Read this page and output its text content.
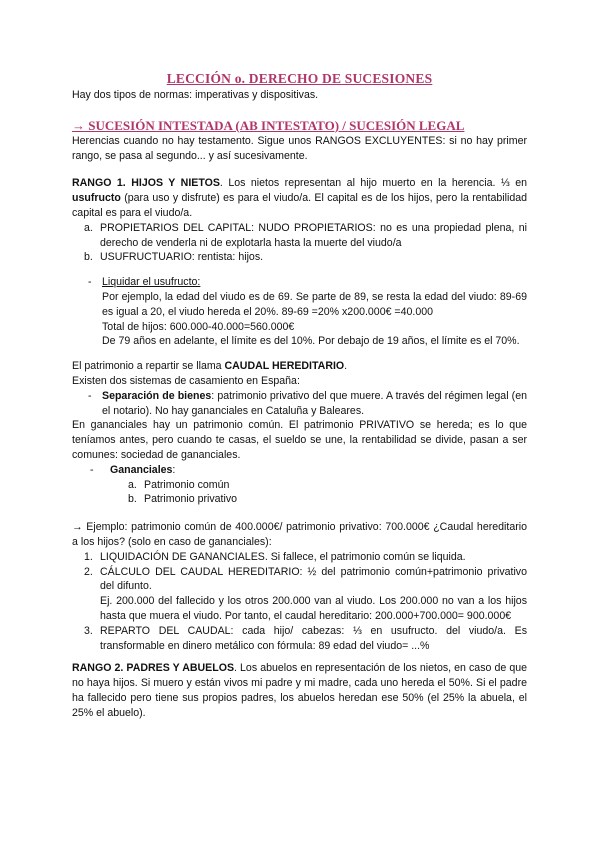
LECCIÓN o. DERECHO DE SUCESIONES

Hay dos tipos de normas: imperativas y dispositivas.

→ SUCESIÓN INTESTADA (AB INTESTATO) / SUCESIÓN LEGAL

Herencias cuando no hay testamento. Sigue unos RANGOS EXCLUYENTES: si no hay primer rango, se pasa al segundo... y así sucesivamente.

RANGO 1. HIJOS Y NIETOS. Los nietos representan al hijo muerto en la herencia. ⅓ en usufructo (para uso y disfrute) es para el viudo/a. El capital es de los hijos, pero la rentabilidad capital es para el viudo/a.

a. PROPIETARIOS DEL CAPITAL: NUDO PROPIETARIOS: no es una propiedad plena, ni derecho de venderla ni de explotarla hasta la muerte del viudo/a
b. USUFRUCTUARIO: rentista: hijos.
- Liquidar el usufructo:

Por ejemplo, la edad del viudo es de 69. Se parte de 89, se resta la edad del viudo: 89-69 es igual a 20, el viudo hereda el 20%. 89-69 =20% x200.000€ =40.000

Total de hijos: 600.000-40.000=560.000€

De 79 años en adelante, el límite es del 10%. Por debajo de 19 años, el límite es el 70%.

El patrimonio a repartir se llama CAUDAL HEREDITARIO.

Existen dos sistemas de casamiento en España:

- Separación de bienes: patrimonio privativo del que muere. A través del régimen legal (en el notario). No hay gananciales en Cataluña y Baleares.

En gananciales hay un patrimonio común. El patrimonio PRIVATIVO se hereda; es lo que teníamos antes, pero cuando te casas, el sueldo se une, la rentabilidad se divide, pasan a ser comunes: sociedad de gananciales.

- Gananciales:
a. Patrimonio común
b. Patrimonio privativo

→ Ejemplo: patrimonio común de 400.000€/ patrimonio privativo: 700.000€ ¿Caudal hereditario a los hijos? (solo en caso de gananciales):

1. LIQUIDACIÓN DE GANANCIALES. Si fallece, el patrimonio común se liquida.
2. CÁLCULO DEL CAUDAL HEREDITARIO: ½ del patrimonio común+patrimonio privativo del difunto.

Ej. 200.000 del fallecido y los otros 200.000 van al viudo. Los 200.000 no van a los hijos hasta que muera el viudo. Por tanto, el caudal hereditario: 200.000+700.000= 900.000€

3. REPARTO DEL CAUDAL: cada hijo/ cabezas: ⅓ en usufructo. del viudo/a. Es transformable en dinero metálico con fórmula: 89 edad del viudo= ...%

RANGO 2. PADRES Y ABUELOS. Los abuelos en representación de los nietos, en caso de que no haya hijos. Si muero y están vivos mi padre y mi madre, cada uno hereda el 50%. Si el padre ha fallecido pero tiene sus propios padres, los abuelos heredan ese 50% (el 25% la abuela, el 25% el abuelo).
